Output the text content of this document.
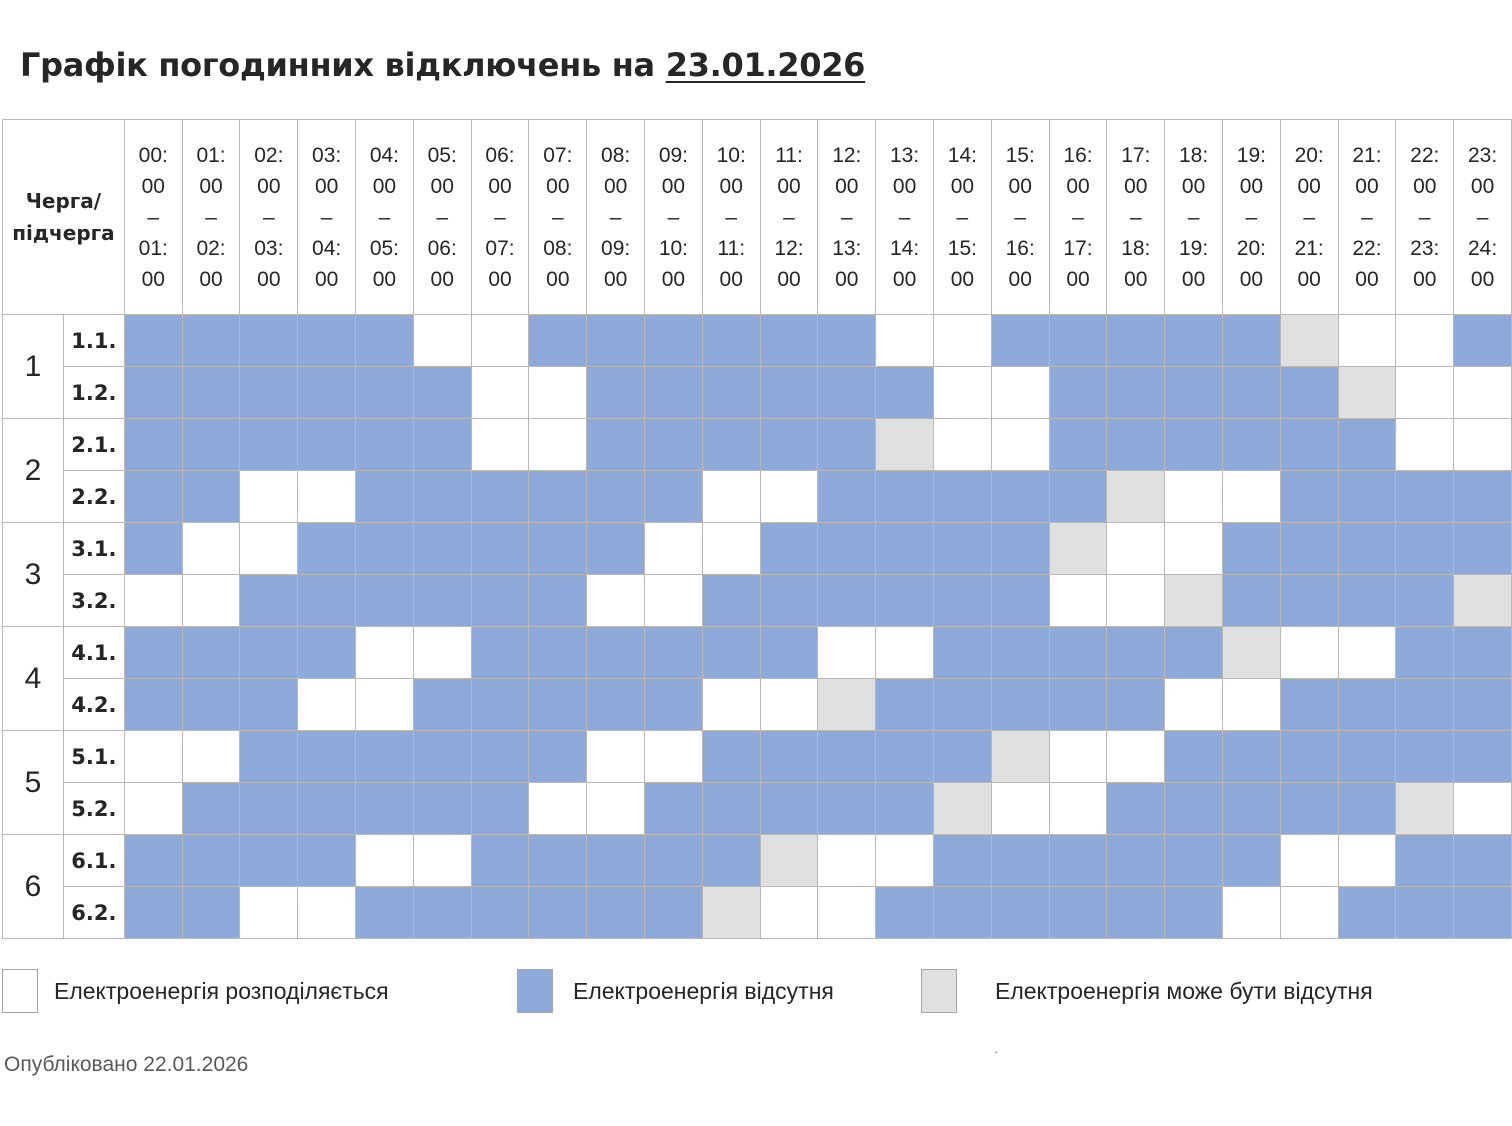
Графік погодинних відключень на 23.01.2026
Черга/
підчерга		00:
00
–
01:
00	01:
00
–
02:
00	02:
00
–
03:
00	03:
00
–
04:
00	04:
00
–
05:
00	05:
00
–
06:
00	06:
00
–
07:
00	07:
00
–
08:
00	08:
00
–
09:
00	09:
00
–
10:
00	10:
00
–
11:
00	11:
00
–
12:
00	12:
00
–
13:
00	13:
00
–
14:
00	14:
00
–
15:
00	15:
00
–
16:
00	16:
00
–
17:
00	17:
00
–
18:
00	18:
00
–
19:
00	19:
00
–
20:
00	20:
00
–
21:
00	21:
00
–
22:
00	22:
00
–
23:
00	23:
00
–
24:
00

1	1.1.																								
	1.2.																								
2	2.1.																								
	2.2.																								
3	3.1.																								
	3.2.																								
4	4.1.																								
	4.2.																								
5	5.1.																								
	5.2.																								
6	6.1.																								
	6.2.																								
Електроенергія розподіляється	Електроенергія відсутня	Електроенергія може бути відсутня
ˏ
Опубліковано 22.01.2026
